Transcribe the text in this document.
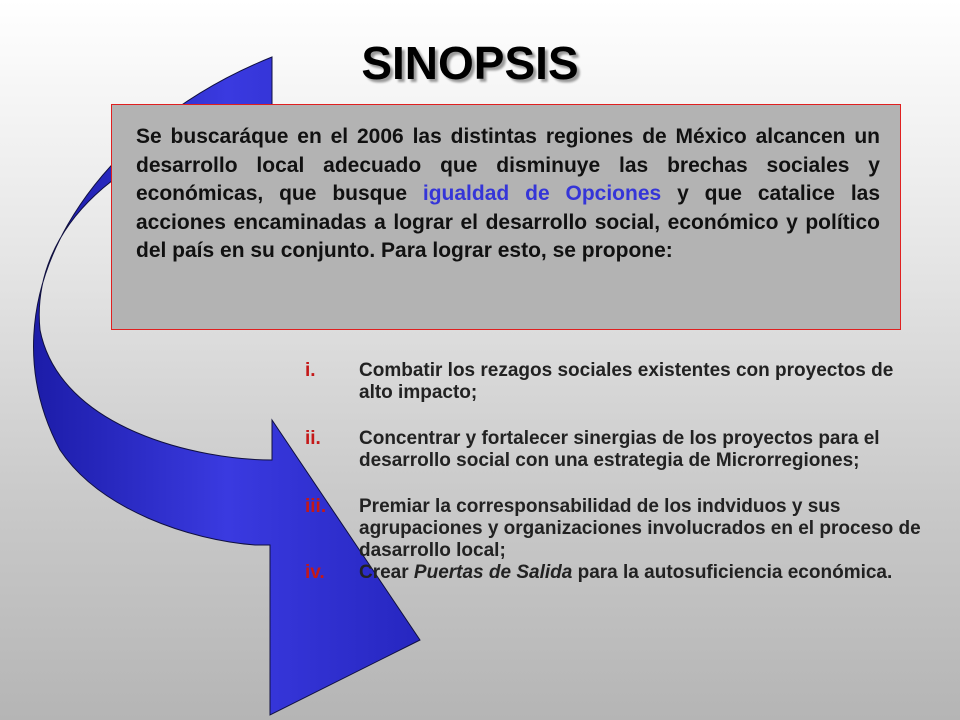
SINOPSIS

Se buscaráque en el 2006 las distintas regiones de México alcancen un desarrollo local adecuado que disminuye las brechas sociales y económicas, que busque igualdad de Opciones y que catalice las acciones encaminadas a lograr el desarrollo social, económico y político del país en su conjunto. Para lograr esto, se propone:

i. Combatir los rezagos sociales existentes con proyectos de alto impacto;
ii. Concentrar y fortalecer sinergias de los proyectos para el desarrollo social con una estrategia de Microrregiones;
iii. Premiar la corresponsabilidad de los indviduos y sus agrupaciones y organizaciones involucrados en el proceso de dasarrollo local;
iv. Crear Puertas de Salida para la autosuficiencia económica.
